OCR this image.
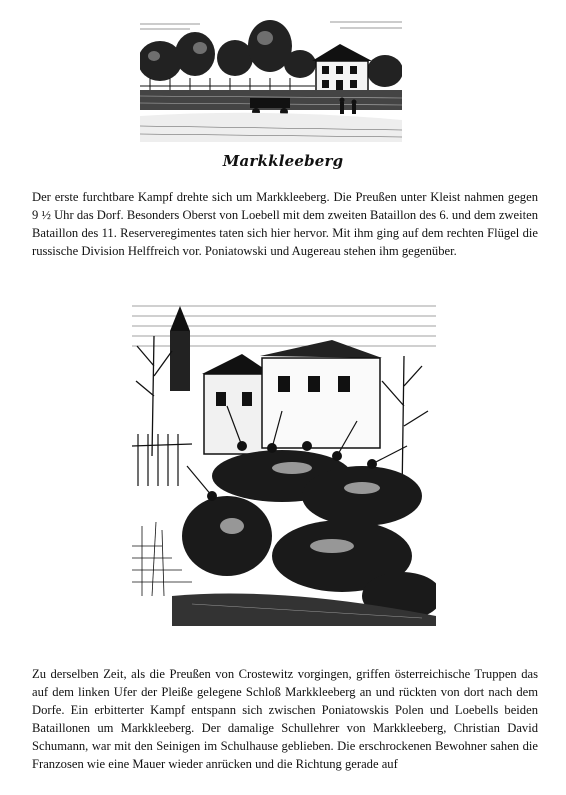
Markkleeberg

Der erste furchtbare Kampf drehte sich um Markkleeberg. Die Preußen unter Kleist nahmen gegen 9 ½ Uhr das Dorf. Besonders Oberst von Loebell mit dem zweiten Bataillon des 6. und dem zweiten Bataillon des 11. Reserveregimentes taten sich hier hervor. Mit ihm ging auf dem rechten Flügel die russische Division Helffreich vor. Poniatowski und Augereau stehen ihm gegenüber.

Zu derselben Zeit, als die Preußen von Crostewitz vorgingen, griffen österreichische Truppen das auf dem linken Ufer der Pleiße gelegene Schloß Markkleeberg an und rückten von dort nach dem Dorfe. Ein erbitterter Kampf entspann sich zwischen Poniatowskis Polen und Loebells beiden Bataillonen um Markkleeberg. Der damalige Schullehrer von Markkleeberg, Christian David Schumann, war mit den Seinigen im Schulhause geblieben. Die erschrockenen Bewohner sahen die Franzosen wie eine Mauer wieder anrücken und die Richtung gerade auf
